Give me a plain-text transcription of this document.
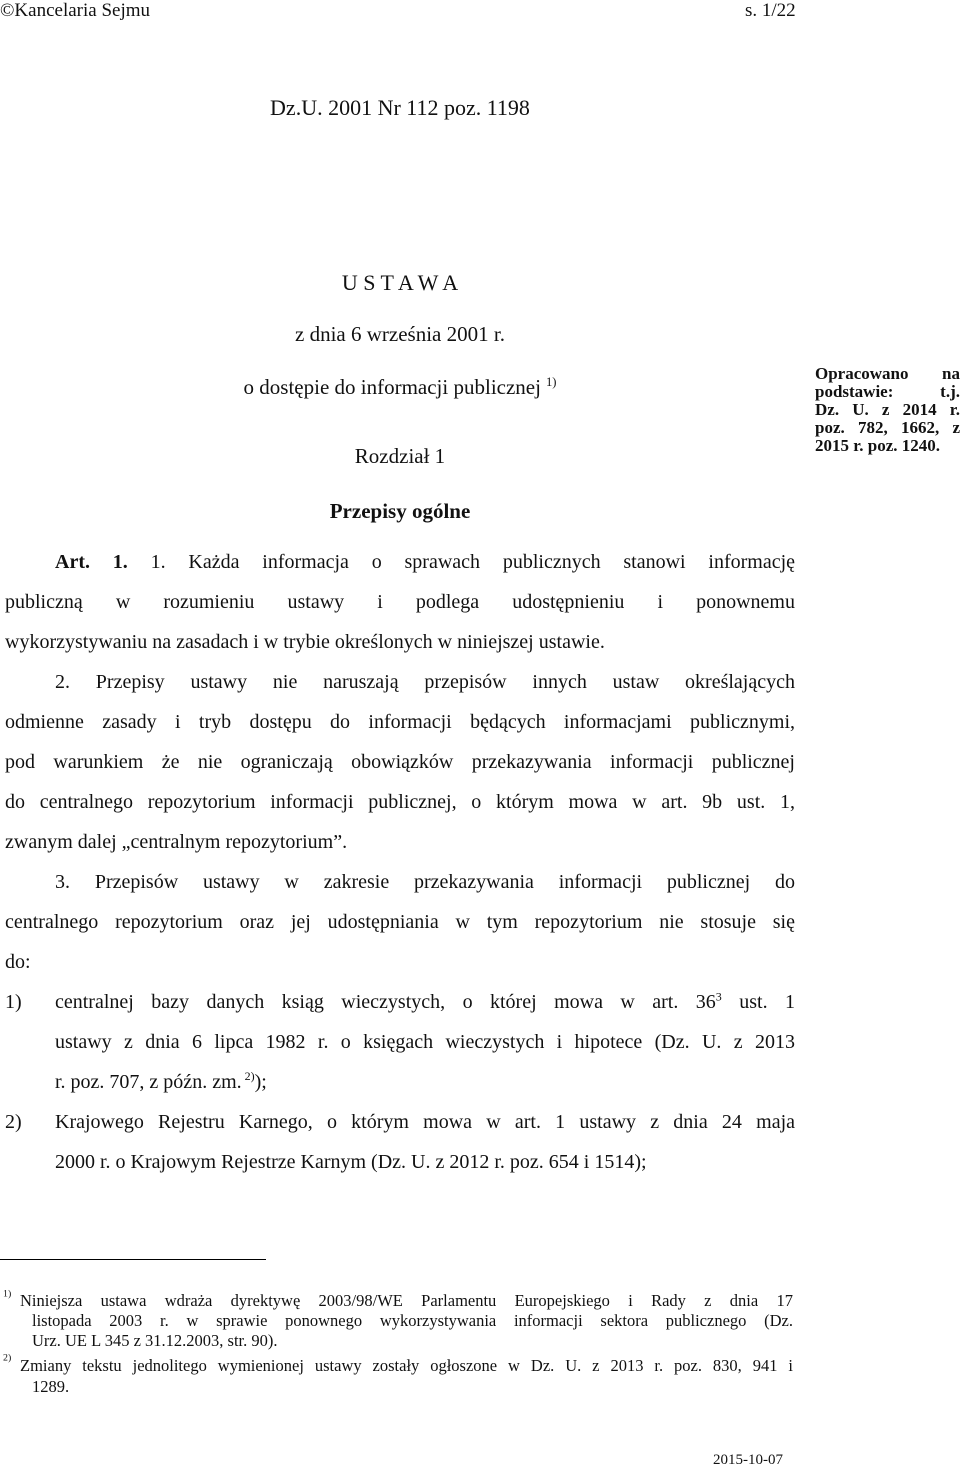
©Kancelaria Sejmu	s. 1/22
Dz.U. 2001 Nr 112 poz. 1198
U S T A W A
z dnia 6 września 2001 r.
o dostępie do informacji publicznej $^{1)}$	Opracowano na
podstawie: t.j.
Dz. U. z 2014 r.
poz. 782, 1662, z
2015 r. poz. 1240.
Rozdział 1
Przepisy ogólne
Art. 1. 1. Każda informacja o sprawach publicznych stanowi informację
publiczną w rozumieniu ustawy i podlega udostępnieniu i ponownemu
wykorzystywaniu na zasadach i w trybie określonych w niniejszej ustawie.
2. Przepisy ustawy nie naruszają przepisów innych ustaw określających
odmienne zasady i tryb dostępu do informacji będących informacjami publicznymi,
pod warunkiem że nie ograniczają obowiązków przekazywania informacji publicznej
do centralnego repozytorium informacji publicznej, o którym mowa w art. 9b ust. 1,
zwanym dalej „centralnym repozytorium”.
3. Przepisów ustawy w zakresie przekazywania informacji publicznej do
centralnego repozytorium oraz jej udostępniania w tym repozytorium nie stosuje się
do:
1) centralnej bazy danych ksiąg wieczystych, o której mowa w art. $36^3$ ust. 1
ustawy z dnia 6 lipca 1982 r. o księgach wieczystych i hipotece (Dz. U. z 2013
r. poz. 707, z późn. zm. $^{2)}$);
2) Krajowego Rejestru Karnego, o którym mowa w art. 1 ustawy z dnia 24 maja
2000 r. o Krajowym Rejestrze Karnym (Dz. U. z 2012 r. poz. 654 i 1514);
$^{1)}$ Niniejsza ustawa wdraża dyrektywę 2003/98/WE Parlamentu Europejskiego i Rady z dnia 17
listopada 2003 r. w sprawie ponownego wykorzystywania informacji sektora publicznego (Dz.
Urz. UE L 345 z 31.12.2003, str. 90).
$^{2)}$ Zmiany tekstu jednolitego wymienionej ustawy zostały ogłoszone w Dz. U. z 2013 r. poz. 830, 941 i
1289.
2015-10-07
